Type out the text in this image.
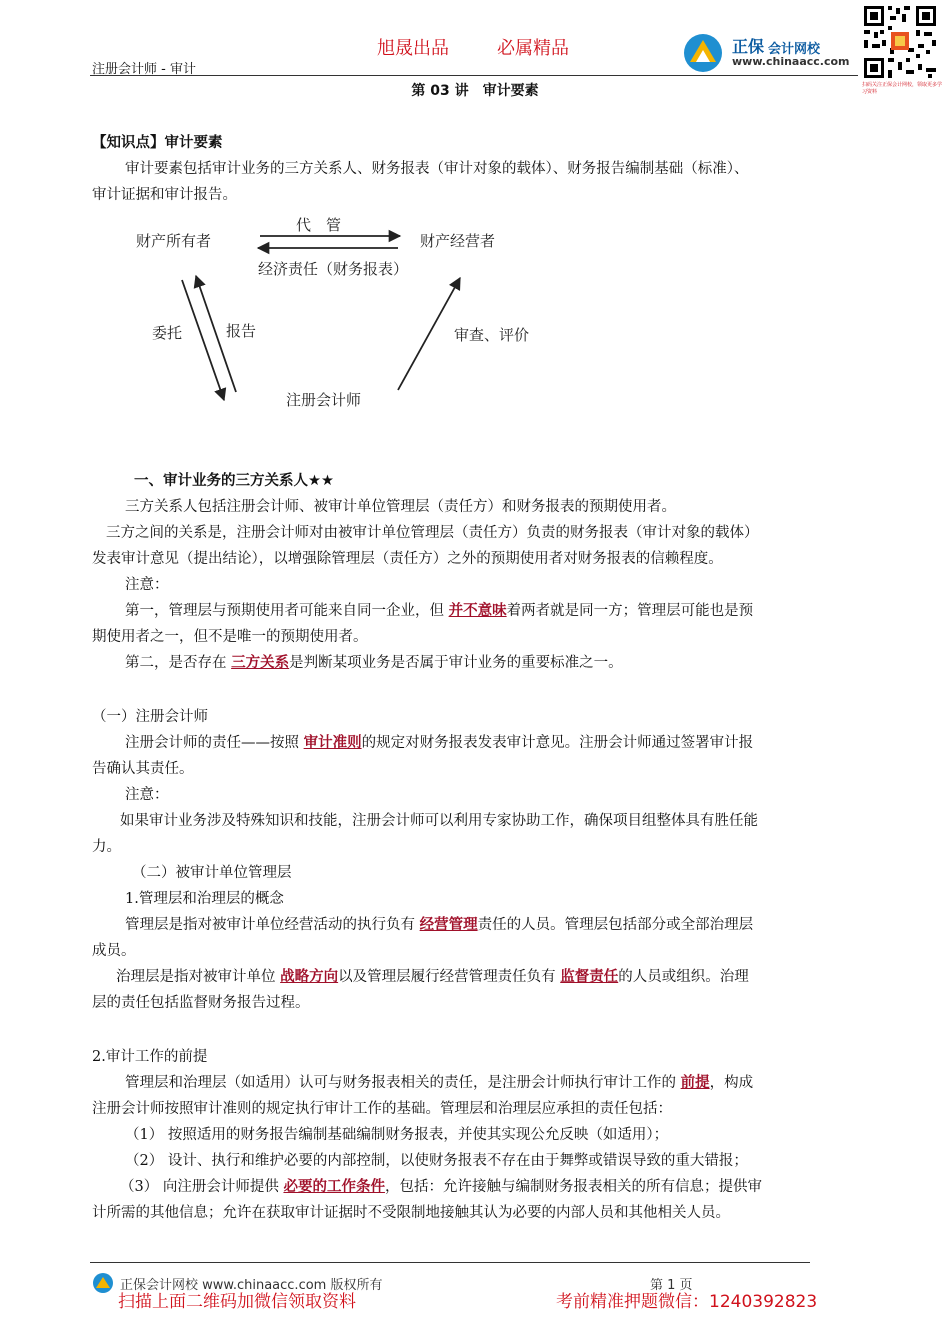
旭晟出品	必属精品
注册会计师 - 审计
正保 会计网校
www.chinaacc.com
扫码关注正保会计网校，领取更多学习资料
第 03 讲　审计要素
【知识点】审计要素
审计要素包括审计业务的三方关系人、财务报表（审计对象的载体）、财务报告编制基础（标准）、
审计证据和审计报告。
财产所有者	财产经营者
代　管
经济责任（财务报表）
委托	报告	审查、评价
注册会计师
一、审计业务的三方关系人★★
三方关系人包括注册会计师、被审计单位管理层（责任方）和财务报表的预期使用者。
三方之间的关系是，注册会计师对由被审计单位管理层（责任方）负责的财务报表（审计对象的载体）
发表审计意见（提出结论），以增强除管理层（责任方）之外的预期使用者对财务报表的信赖程度。
注意：
第一，管理层与预期使用者可能来自同一企业，但 并不意味着两者就是同一方；管理层可能也是预
期使用者之一，但不是唯一的预期使用者。
第二，是否存在 三方关系是判断某项业务是否属于审计业务的重要标准之一。
（一）注册会计师
注册会计师的责任——按照 审计准则的规定对财务报表发表审计意见。注册会计师通过签署审计报
告确认其责任。
注意：
如果审计业务涉及特殊知识和技能，注册会计师可以利用专家协助工作，确保项目组整体具有胜任能
力。
（二）被审计单位管理层
1.管理层和治理层的概念
管理层是指对被审计单位经营活动的执行负有 经营管理责任的人员。管理层包括部分或全部治理层
成员。
治理层是指对被审计单位 战略方向以及管理层履行经营管理责任负有 监督责任的人员或组织。治理
层的责任包括监督财务报告过程。
2.审计工作的前提
管理层和治理层（如适用）认可与财务报表相关的责任，是注册会计师执行审计工作的 前提，构成
注册会计师按照审计准则的规定执行审计工作的基础。管理层和治理层应承担的责任包括：
（1） 按照适用的财务报告编制基础编制财务报表，并使其实现公允反映（如适用）；
（2） 设计、执行和维护必要的内部控制，以使财务报表不存在由于舞弊或错误导致的重大错报；
（3） 向注册会计师提供 必要的工作条件，包括：允许接触与编制财务报表相关的所有信息；提供审
计所需的其他信息；允许在获取审计证据时不受限制地接触其认为必要的内部人员和其他相关人员。
正保会计网校 www.chinaacc.com 版权所有	第 1 页
扫描上面二维码加微信领取资料	考前精准押题微信：1240392823
